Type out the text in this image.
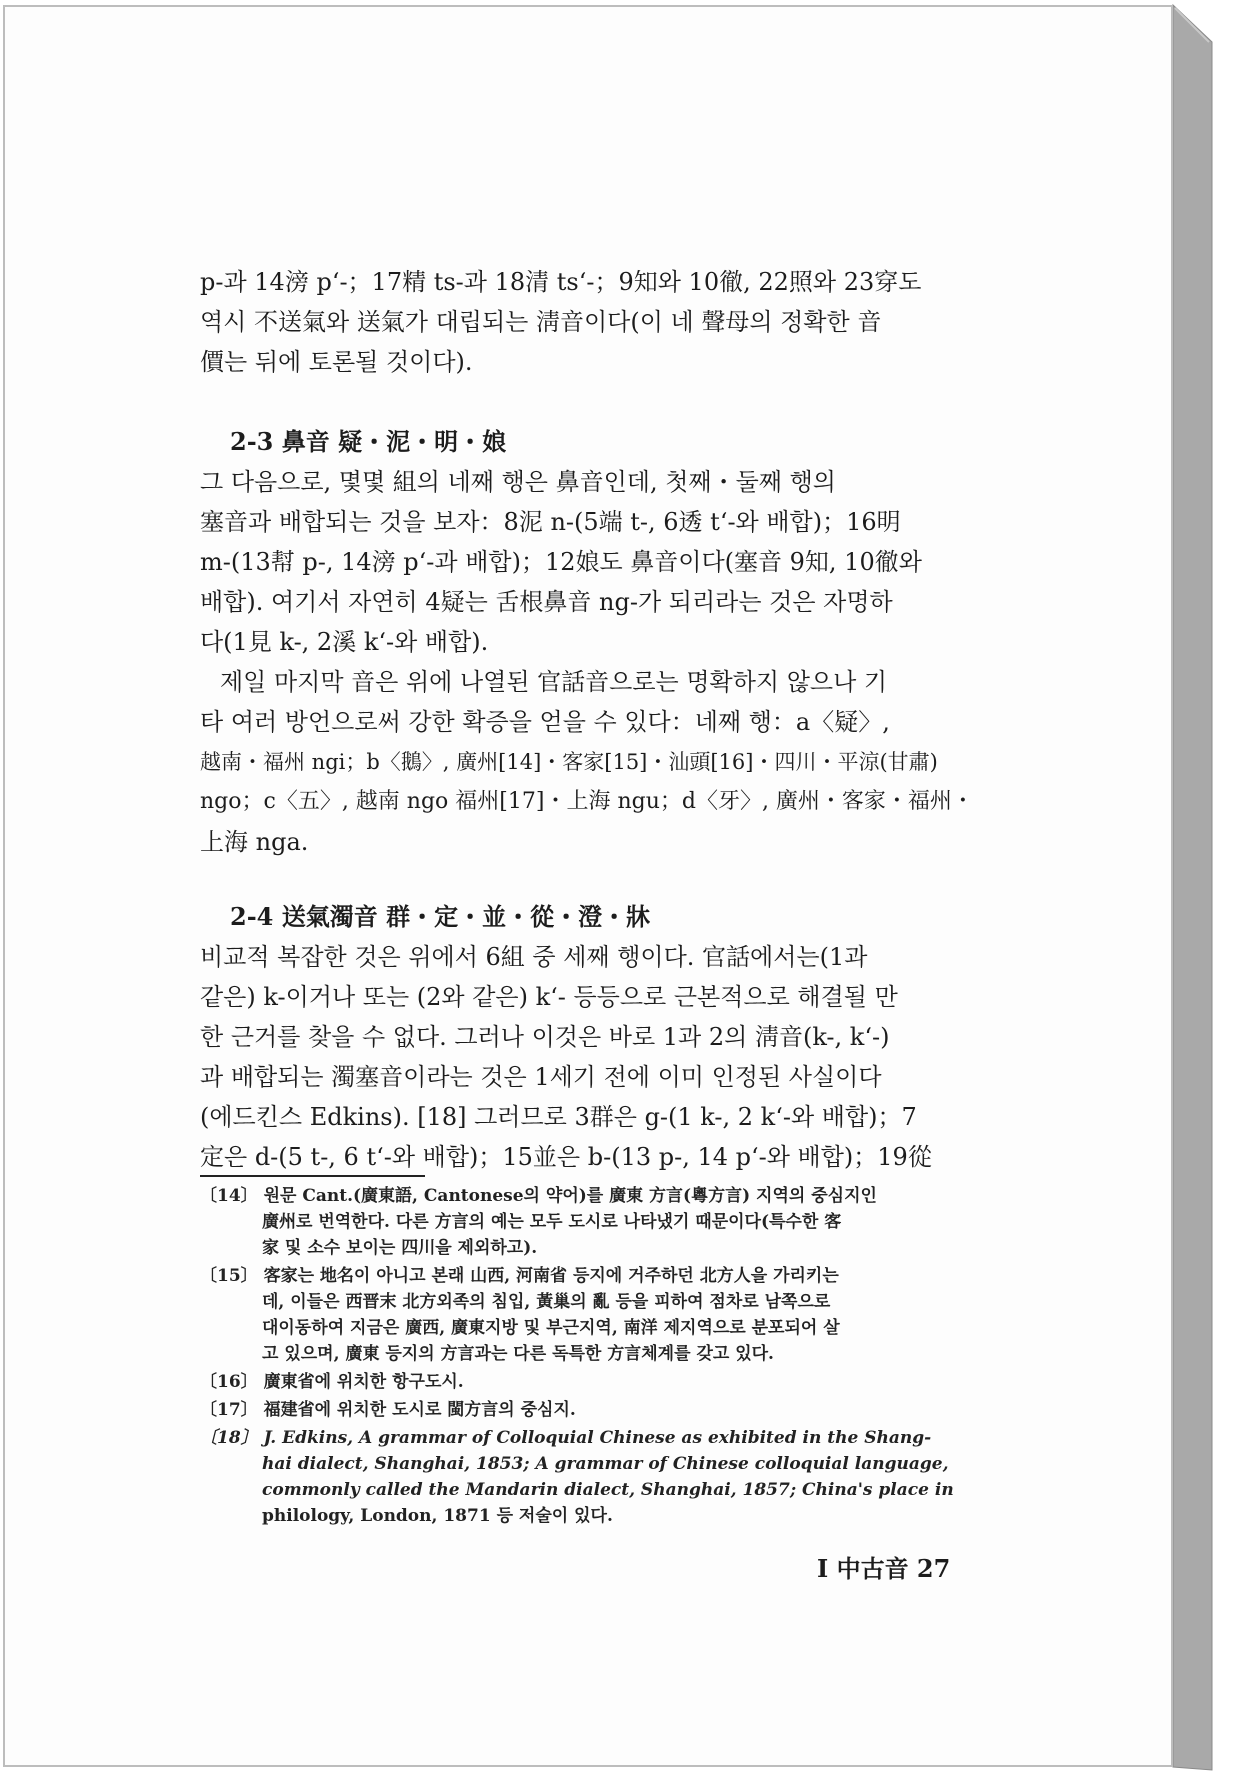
p-과 14滂 p‘-；17精 ts-과 18清 ts‘-；9知와 10徹, 22照와 23穿도
역시 不送氣와 送氣가 대립되는 淸音이다(이 네 聲母의 정확한 音
價는 뒤에 토론될 것이다).
2-3 鼻音 疑・泥・明・娘
그 다음으로, 몇몇 組의 네째 행은 鼻音인데, 첫째・둘째 행의
塞音과 배합되는 것을 보자：8泥 n-(5端 t-, 6透 t‘-와 배합)；16明
m-(13幇 p-, 14滂 p‘-과 배합)；12娘도 鼻音이다(塞音 9知, 10徹와
배합). 여기서 자연히 4疑는 舌根鼻音 ng-가 되리라는 것은 자명하
다(1見 k-, 2溪 k‘-와 배합).
제일 마지막 音은 위에 나열된 官話音으로는 명확하지 않으나 기
타 여러 방언으로써 강한 확증을 얻을 수 있다：네째 행：a〈疑〉,
越南・福州 ngi；b〈鵝〉, 廣州[14]・客家[15]・汕頭[16]・四川・平涼(甘肅)
ngo；c〈五〉, 越南 ngo 福州[17]・上海 ngu；d〈牙〉, 廣州・客家・福州・
上海 nga.
2-4 送氣濁音 群・定・並・從・澄・牀
비교적 복잡한 것은 위에서 6組 중 세째 행이다. 官話에서는(1과
같은) k-이거나 또는 (2와 같은) k‘- 등등으로 근본적으로 해결될 만
한 근거를 찾을 수 없다. 그러나 이것은 바로 1과 2의 淸音(k-, k‘-)
과 배합되는 濁塞音이라는 것은 1세기 전에 이미 인정된 사실이다
(에드킨스 Edkins). [18] 그러므로 3群은 g-(1 k-, 2 k‘-와 배합)；7
定은 d-(5 t-, 6 t‘-와 배합)；15並은 b-(13 p-, 14 p‘-와 배합)；19從
〔14〕 원문 Cant.(廣東語, Cantonese의 약어)를 廣東 方言(粵方言) 지역의 중심지인
廣州로 번역한다. 다른 方言의 예는 모두 도시로 나타냈기 때문이다(특수한 客
家 및 소수 보이는 四川을 제외하고).
〔15〕 客家는 地名이 아니고 본래 山西, 河南省 등지에 거주하던 北方人을 가리키는
데, 이들은 西晋末 北方외족의 침입, 黃巢의 亂 등을 피하여 점차로 남쪽으로
대이동하여 지금은 廣西, 廣東지방 및 부근지역, 南洋 제지역으로 분포되어 살
고 있으며, 廣東 등지의 方言과는 다른 독특한 方言체계를 갖고 있다.
〔16〕 廣東省에 위치한 항구도시.
〔17〕 福建省에 위치한 도시로 閩方言의 중심지.
〔18〕 J. Edkins, A grammar of Colloquial Chinese as exhibited in the Shang-
hai dialect, Shanghai, 1853; A grammar of Chinese colloquial language,
commonly called the Mandarin dialect, Shanghai, 1857; China's place in
philology, London, 1871 등 저술이 있다.
I 中古音 27
